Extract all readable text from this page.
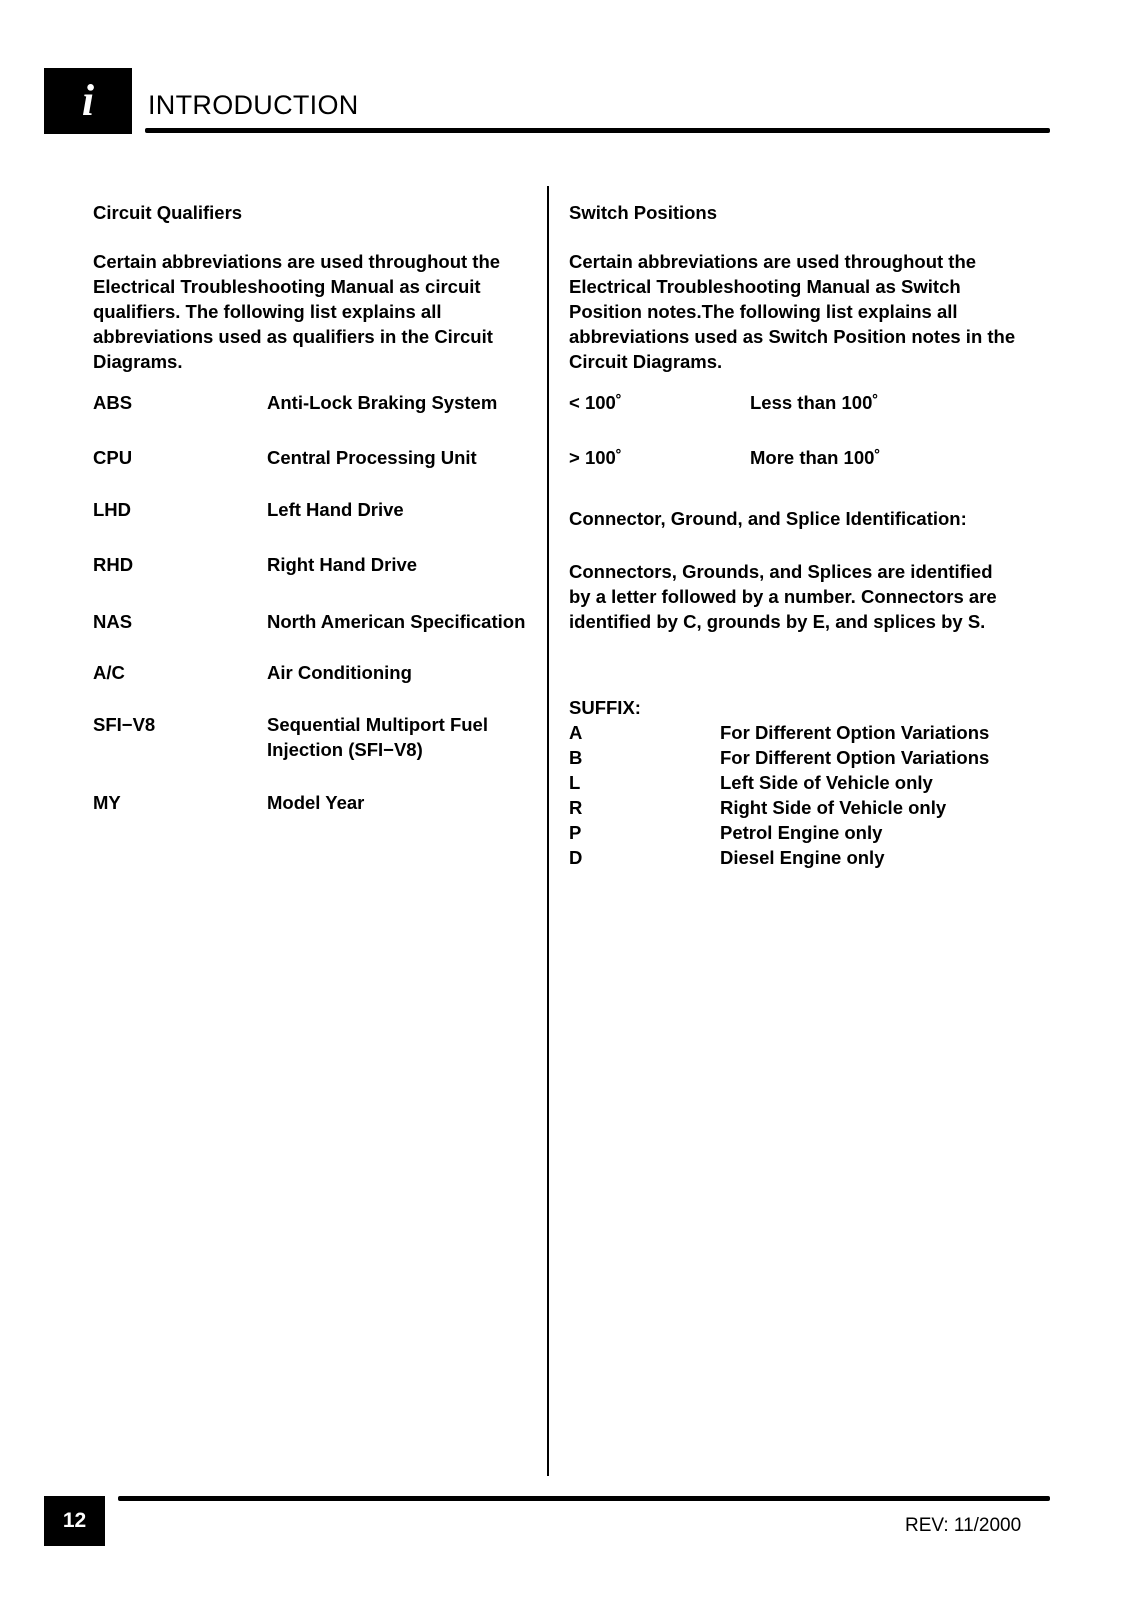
i	INTRODUCTION
Circuit Qualifiers
Certain abbreviations are used throughout the Electrical Troubleshooting Manual as circuit qualifiers. The following list explains all abbreviations used as qualifiers in the Circuit Diagrams.
ABS	Anti-Lock Braking System
CPU	Central Processing Unit
LHD	Left Hand Drive
RHD	Right Hand Drive
NAS	North American Specification
A/C	Air Conditioning
SFI−V8	Sequential Multiport Fuel
Injection (SFI−V8)
MY	Model Year
Switch Positions
Certain abbreviations are used throughout the Electrical Troubleshooting Manual as Switch Position notes.The following list explains all abbreviations used as Switch Position notes in the Circuit Diagrams.
< 100˚	Less than 100˚
> 100˚	More than 100˚
Connector, Ground, and Splice Identification:
Connectors, Grounds, and Splices are identified by a letter followed by a number. Connectors are identified by C, grounds by E, and splices by S.
SUFFIX:
A	For Different Option Variations
B	For Different Option Variations
L	Left Side of Vehicle only
R	Right Side of Vehicle only
P	Petrol Engine only
D	Diesel Engine only
12	REV: 11/2000
